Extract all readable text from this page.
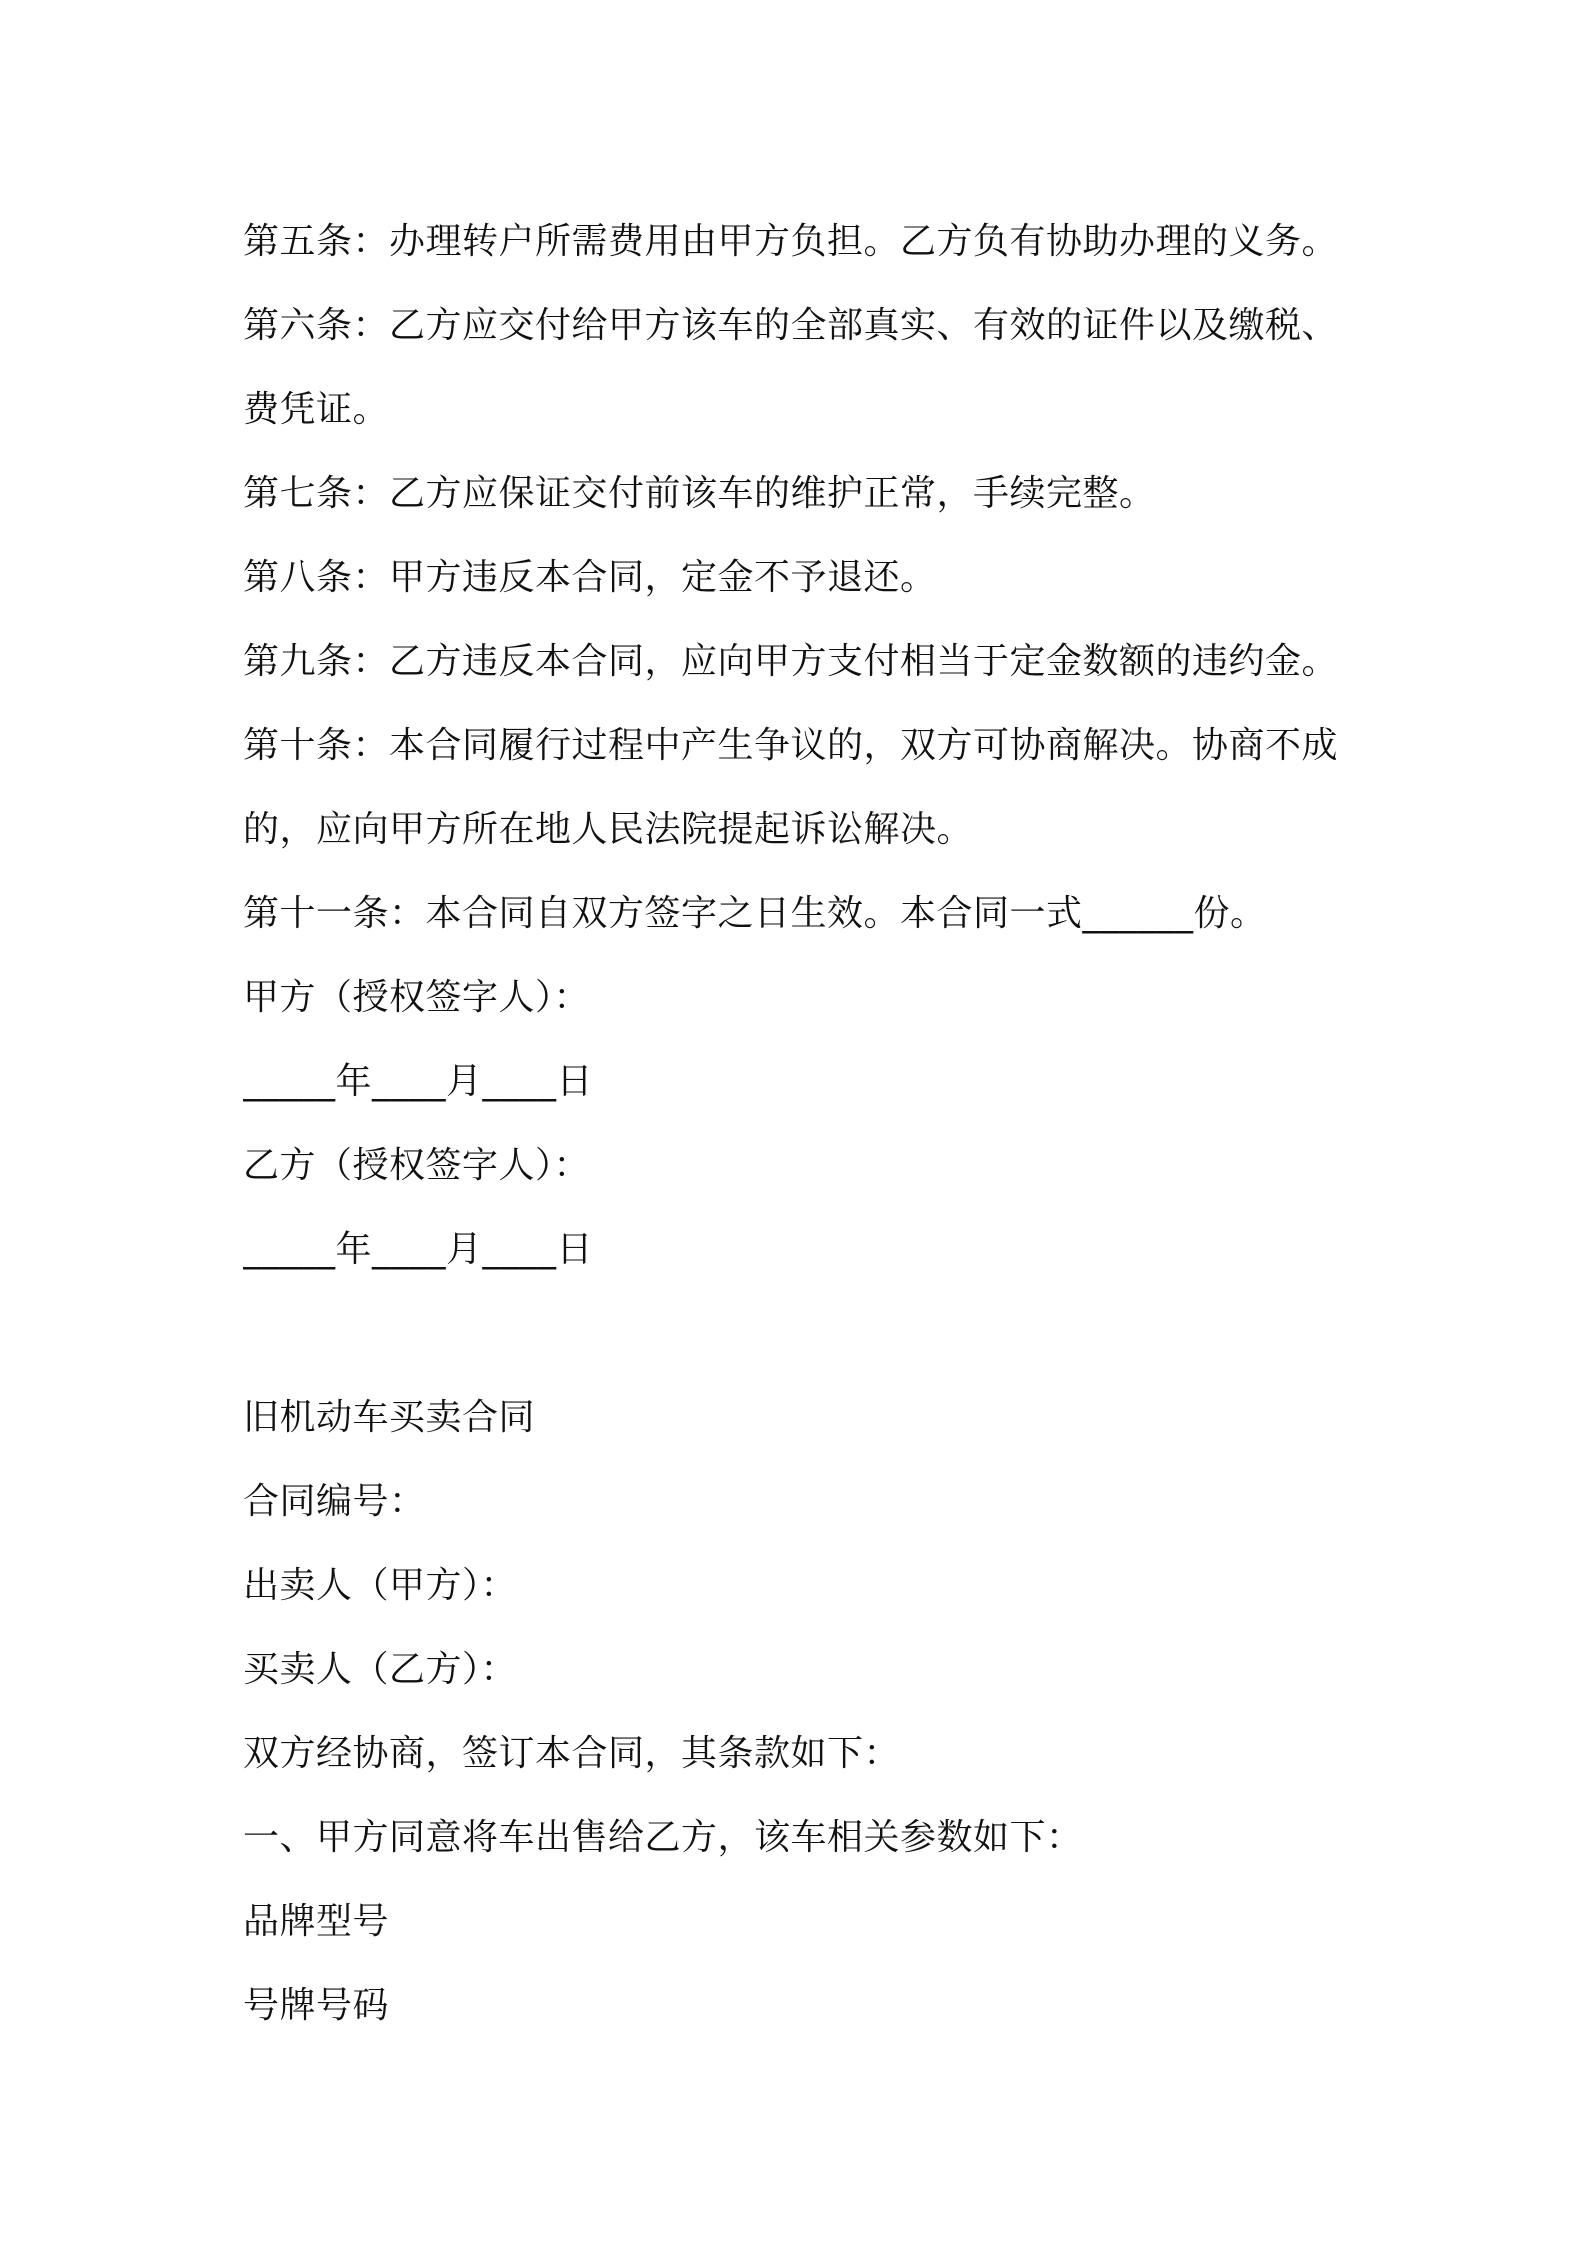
第五条：办理转户所需费用由甲方负担。乙方负有协助办理的义务。
第六条：乙方应交付给甲方该车的全部真实、有效的证件以及缴税、
费凭证。
第七条：乙方应保证交付前该车的维护正常，手续完整。
第八条：甲方违反本合同，定金不予退还。
第九条：乙方违反本合同，应向甲方支付相当于定金数额的违约金。
第十条：本合同履行过程中产生争议的，双方可协商解决。协商不成
的，应向甲方所在地人民法院提起诉讼解决。
第十一条：本合同自双方签字之日生效。本合同一式______份。
甲方（授权签字人）：
_____年____月____日
乙方（授权签字人）：
_____年____月____日
旧机动车买卖合同
合同编号：
出卖人（甲方）：
买卖人（乙方）：
双方经协商，签订本合同，其条款如下：
一、甲方同意将车出售给乙方，该车相关参数如下：
品牌型号
号牌号码
